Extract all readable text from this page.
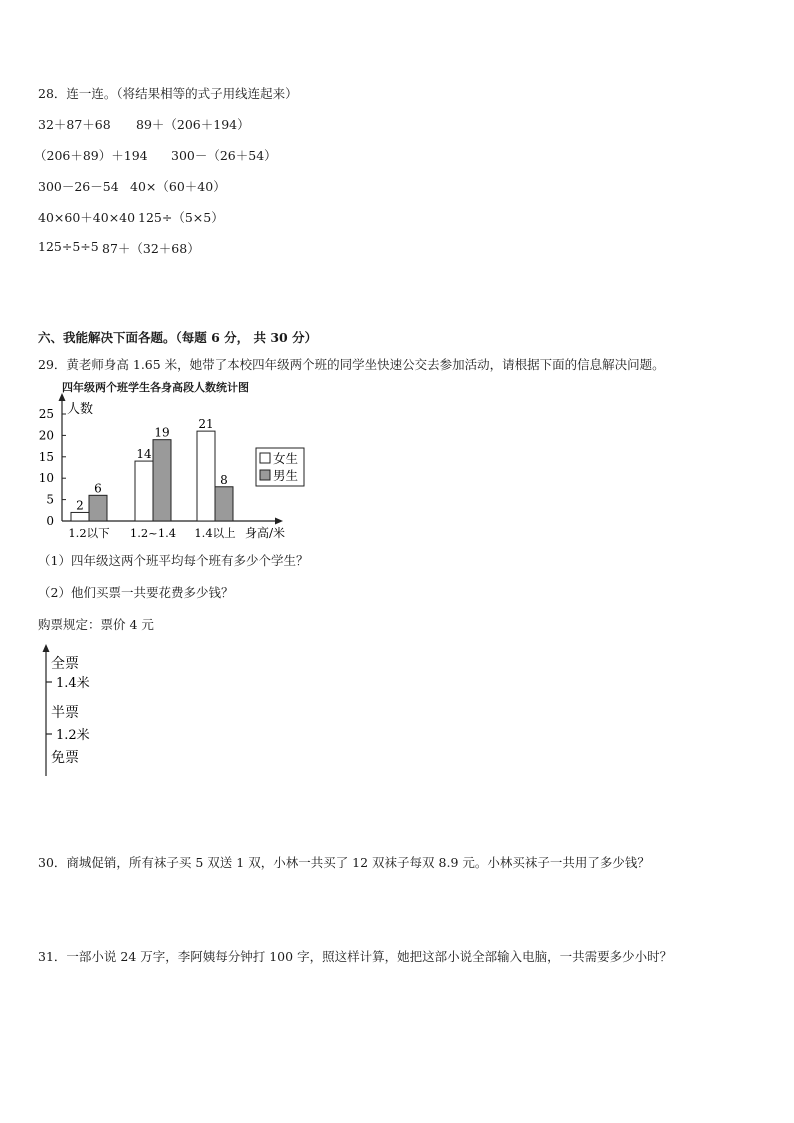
28．连一连。（将结果相等的式子用线连起来）
32＋87＋68 89＋（206＋194）
（206＋89）＋194 300－（26＋54）
300－26－54 40×（60＋40）
40×60＋40×40 125÷（5×5）
125÷5÷5 87＋（32＋68）
六、我能解决下面各题。（每题 6 分， 共 30 分）
29．黄老师身高 1.65 米，她带了本校四年级两个班的同学坐快速公交去参加活动，请根据下面的信息解决问题。
四年级两个班学生各身高段人数统计图
人数
身高/米
0
5
10
15
20
25
2
6
1.2以下
14
19
1.2~1.4
21
8
1.4以上
女生
男生
（1）四年级这两个班平均每个班有多少个学生？
（2）他们买票一共要花费多少钱？
购票规定：票价 4 元
全票
1.4米
半票
1.2米
免票
30．商城促销，所有袜子买 5 双送 1 双，小林一共买了 12 双袜子每双 8.9 元。小林买袜子一共用了多少钱？
31．一部小说 24 万字，李阿姨每分钟打 100 字，照这样计算，她把这部小说全部输入电脑，一共需要多少小时？
